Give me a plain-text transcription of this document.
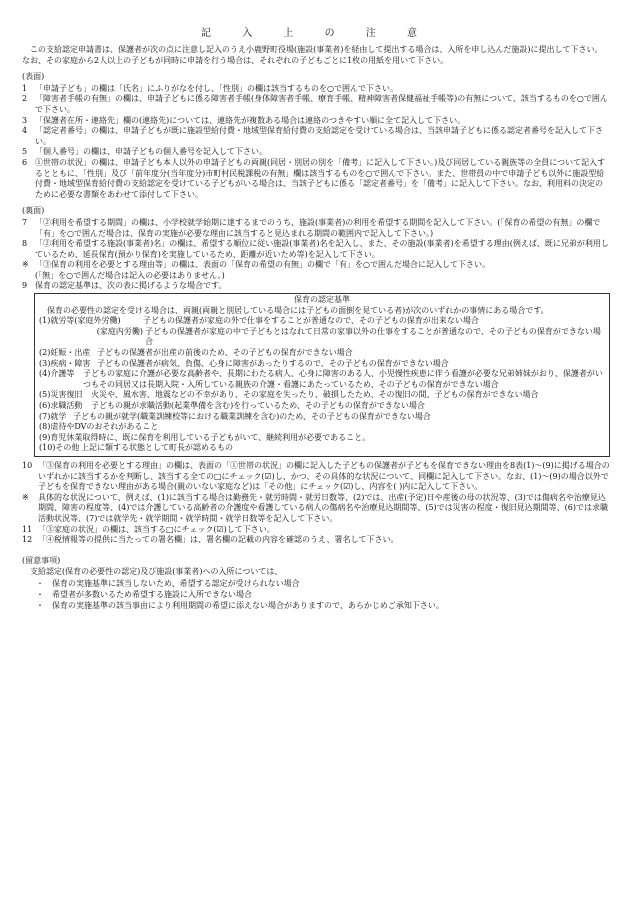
記 入 上 の 注 意

この支給認定申請書は、保護者が次の点に注意し記入のうえ小鹿野町役場(施設(事業者)を経由して提出する場合は、入所を申し込んだ施設)に提出して下さい。なお、その家庭から2人以上の子どもが同時に申請を行う場合は、それぞれの子どもごとに1枚の用紙を用いて下さい。

(表面)
1 「申請子ども」の欄は「氏名」にふりがなを付し、「性別」の欄は該当するものを○で囲んで下さい。
2 「障害者手帳の有無」の欄は、申請子どもに係る障害者手帳(身体障害者手帳、療育手帳、精神障害者保健福祉手帳等)の有無について、該当するものを○で囲んで下さい。
3 「保護者在所・連絡先」欄の(連絡先)については、連絡先が複数ある場合は連絡のつきやすい順に全て記入して下さい。
4 「認定者番号」の欄は、申請子どもが既に施設型給付費・地域型保育給付費の支給認定を受けている場合は、当該申請子どもに係る認定者番号を記入して下さい。
5 「個人番号」の欄は、申請子どもの個人番号を記入して下さい。
6 ①世帯の状況」の欄は、申請子ども本人以外の申請子どもの両親(同居・別居の別を「備考」に記入して下さい。)及び同居している親族等の全員について記入するとともに、「性別」及び「前年度分(当年度分)市町村民税課税の有無」欄は該当するものを○で囲んで下さい。また、世帯員の中で申請子ども以外に施設型給付費・地域型保育給付費の支給認定を受けている子どもがいる場合は、当該子どもに係る「認定者番号」を「備考」に記入して下さい。なお、利用料の決定のために必要な書類をあわせて添付して下さい。
(裏面)
7 「②利用を希望する期間」の欄は、小学校就学始期に達するまでのうち、施設(事業者)の利用を希望する期間を記入して下さい。(「保育の希望の有無」の欄で「有」を○で囲んだ場合は、保育の実施が必要な理由に該当すると見込まれる期間の範囲内で記入して下さい。)
8 「②利用を希望する施設(事業者)名」の欄は、希望する順位に従い施設(事業者)名を記入し、また、その施設(事業者)を希望する理由(例えば、既に兄弟が利用しているため、延長保育(預かり保育)を実施しているため、距離が近いため等)を記入して下さい。
※ 「③保育の利用を必要とする理由等」の欄は、表面の「保育の希望の有無」の欄で「有」を○で囲んだ場合に記入して下さい。
(「無」を○で囲んだ場合は記入の必要はありません。)
9 保育の認定基準は、次の表に掲げるような場合です。
保育の認定基準

保育の必要性の認定を受ける場合は、両親(両親と別居している場合には子どもの面倒を見ている者)が次のいずれかの事情にある場合です。

(1)就労等(家庭外労働)	子どもの保護者が家庭の外で仕事をすることが普通なので、その子どもの保育が出来ない場合
(家庭内労働) 子どもの保護者が家庭の中で子どもとはなれて日常の家事以外の仕事をすることが普通なので、その子どもの保育ができない場合
(2)妊娠・出産 子どもの保護者が出産の前後のため、その子どもの保育ができない場合
(3)疾病・障害 子どもの保護者が病気、負傷、心身に障害があったりするので、その子どもの保育ができない場合
(4)介護等	子どもの家庭に介護が必要な高齢者や、長期にわたる病人、心身に障害のある人、小児慢性疾患に伴う看護が必要な兄弟姉妹がおり、保護者がいつもその同居又は長期入院・入所している親族の介護・看護にあたっているため、その子どもの保育ができない場合
(5)災害復旧	火災や、風水害、地震などの不幸があり、その家庭を失ったり、破損したため、その復旧の間、子どもの保育ができない場合
(6)求職活動	子どもの親が求職活動(起業準備を含む)を行っているため、その子どもの保育ができない場合
(7)就学 子どもの親が就学(職業訓練校等における職業訓練を含む)のため、その子どもの保育ができない場合
(8)虐待やDVのおそれがあること
(9)育児休業取得時に、既に保育を利用している子どもがいて、継続利用が必要であること。
(10)その他 上記に類する状態として町長が認めるもの
10 「③保育の利用を必要とする理由」の欄は、表面の「①世帯の状況」の欄に記入した子どもの保護者が子どもを保育できない理由を8表(1)〜(9)に掲げる場合のいずれかに該当するかを判断し、該当する全ての□にチェック(☑)し、かつ、その具体的な状況について、同欄に記入して下さい。なお、(1)〜(9)の場合以外で子どもを保育できない理由がある場合(親のいない家庭など)は「その他」にチェック(☑)し、内容を( )内に記入して下さい。
※	具体的な状況について、例えば、(1)に該当する場合は勤務先・就労時間・就労日数等、(2)では、出産(予定)日や産後の母の状況等、(3)では傷病名や治療見込期間、障害の程度等、(4)では介護している高齢者の介護度や看護している病人の傷病名や治療見込期間等、(5)では災害の程度・復旧見込期間等、(6)では求職活動状況等、(7)では就学先・就学期間・就学時間・就学日数等を記入して下さい。
11 「③家庭の状況」の欄は、該当する□にチェック(☑)して下さい。
12 「④税情報等の提供に当たっての署名欄」は、署名欄の記載の内容を確認のうえ、署名して下さい。
(留意事項)
支給認定(保育の必要性の認定)及び施設(事業者)への入所については、
・	保育の実施基準に該当しないため、希望する認定が受けられない場合
・	希望者が多数いるため希望する施設に入所できない場合
・	保育の実施基準の該当事由により利用期間の希望に添えない場合がありますので、あらかじめご承知下さい。
